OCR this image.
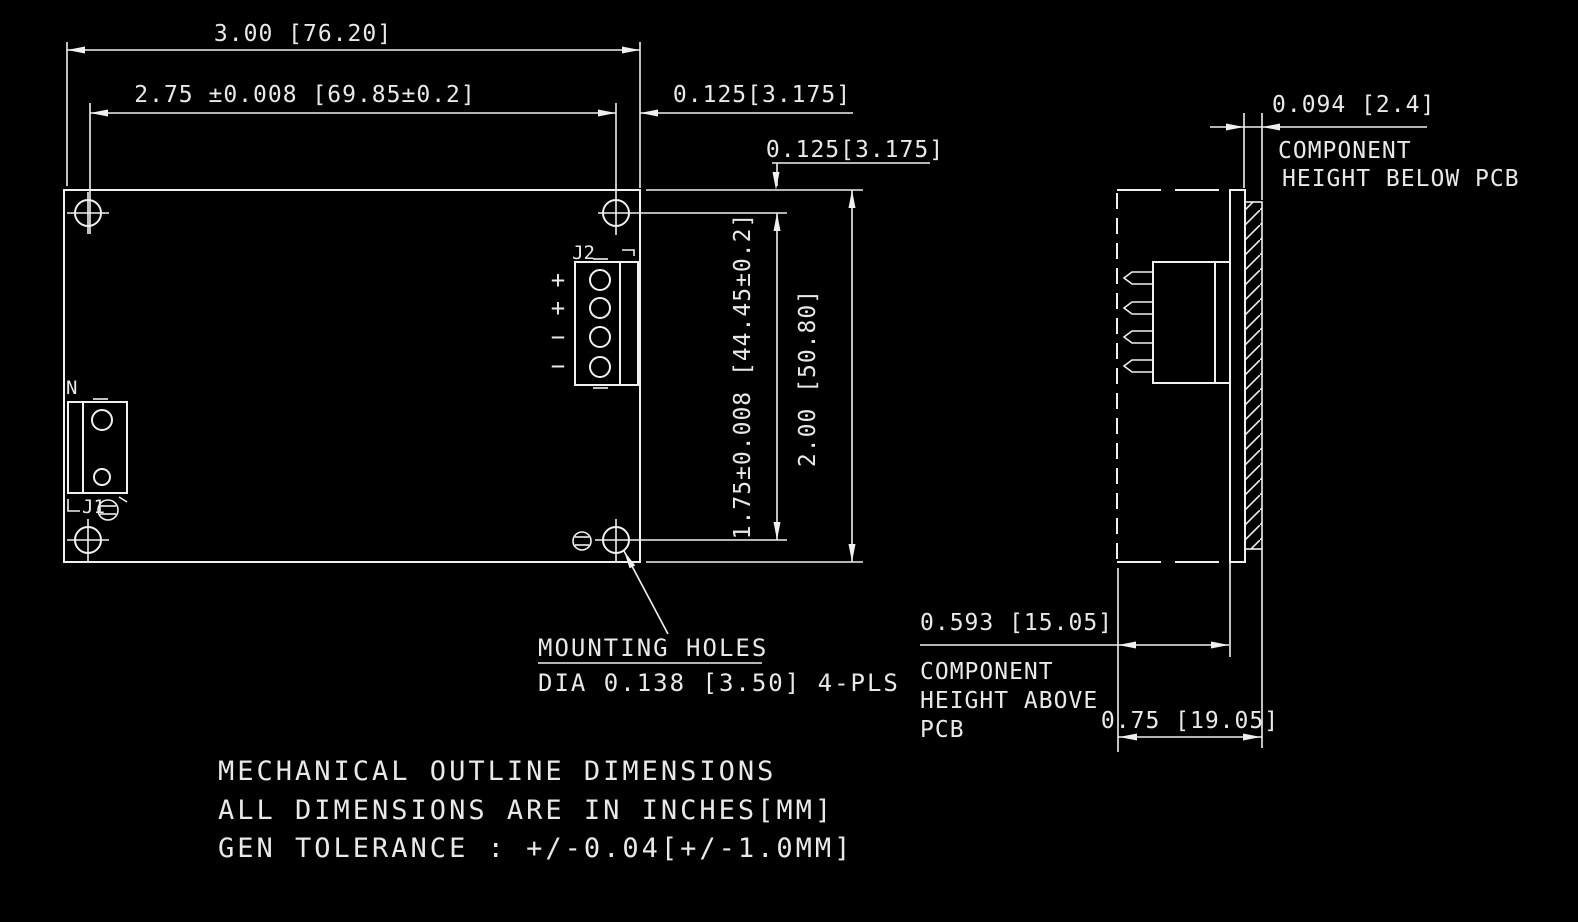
J2
+
+
−
−
N
J1
3.00 [76.20]
2.75 ±0.008 [69.85±0.2]	0.125[3.175]
0.125[3.175]
1.75±0.008 [44.45±0.2] 2.00 [50.80]
MOUNTING HOLES
DIA 0.138 [3.50] 4-PLS
0.094 [2.4]
COMPONENT
HEIGHT BELOW PCB
0.593 [15.05]
COMPONENT
HEIGHT ABOVE
PCB	0.75 [19.05]
MECHANICAL OUTLINE DIMENSIONS
ALL DIMENSIONS ARE IN INCHES[MM]
GEN TOLERANCE : +/-0.04[+/-1.0MM]
